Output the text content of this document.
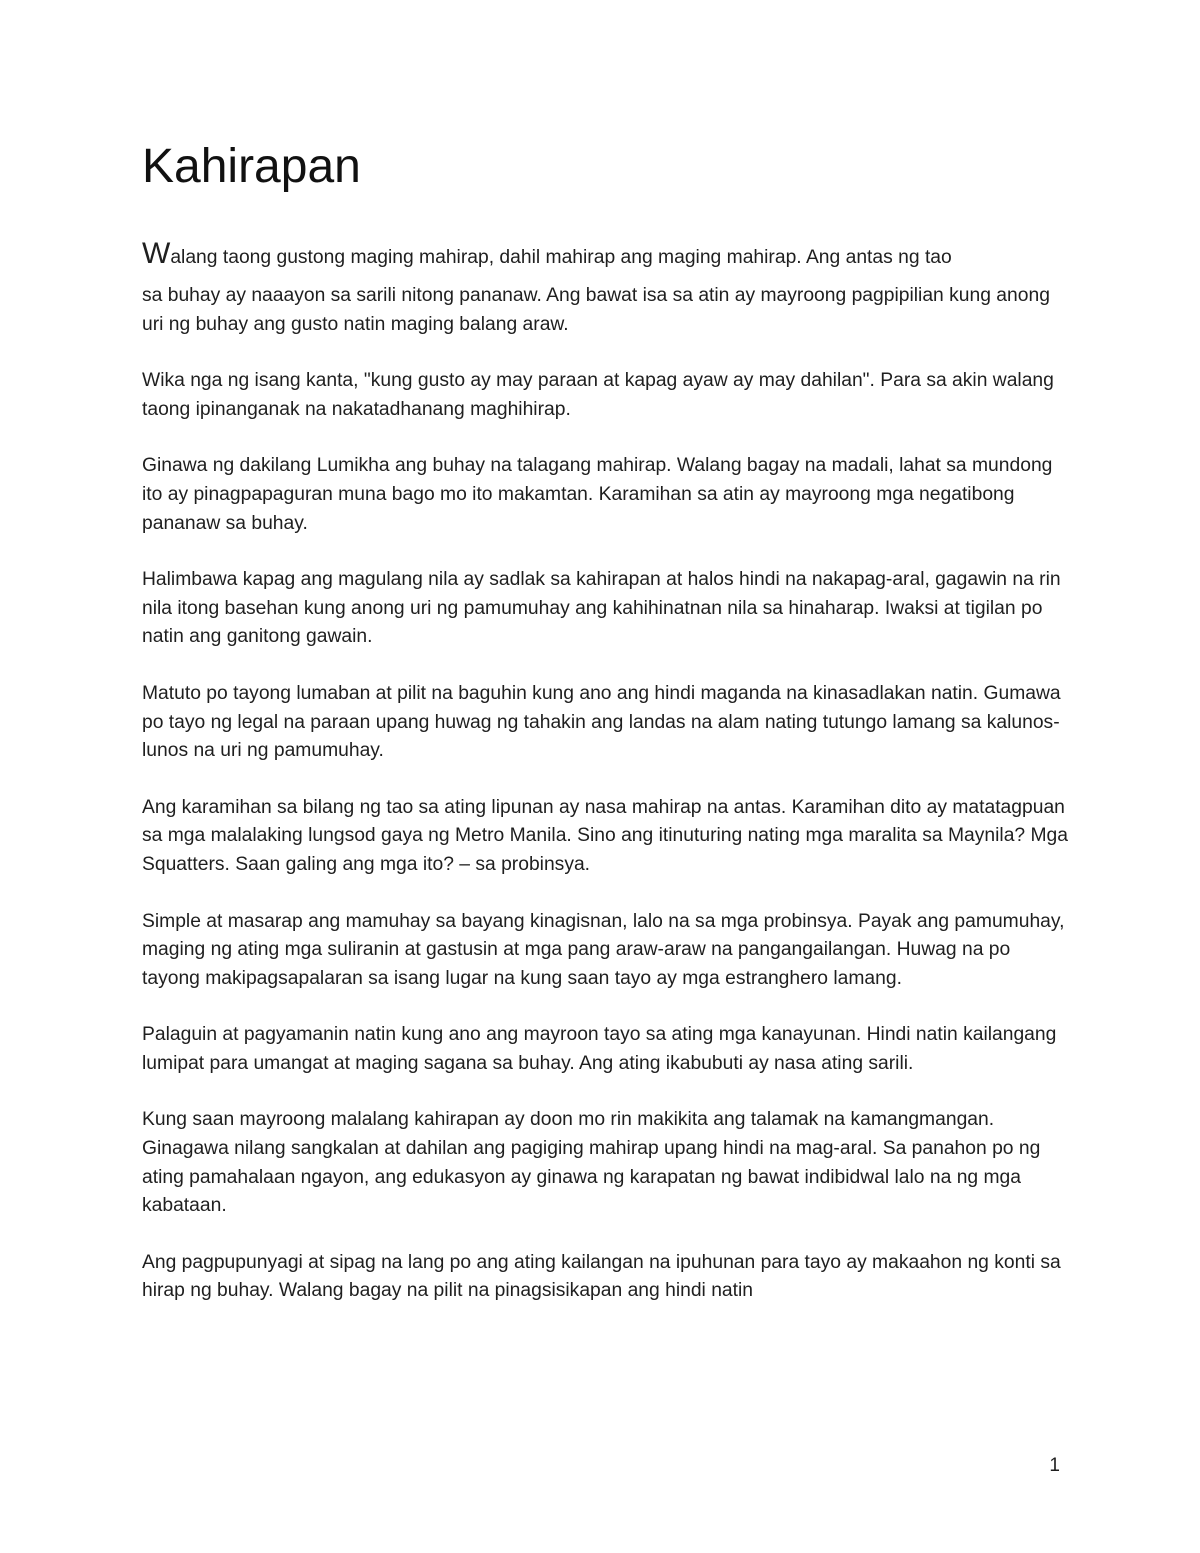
Kahirapan

Walang taong gustong maging mahirap, dahil mahirap ang maging mahirap. Ang antas ng tao
sa buhay ay naaayon sa sarili nitong pananaw. Ang bawat isa sa atin ay mayroong pagpipilian kung anong uri ng buhay ang gusto natin maging balang araw.

Wika nga ng isang kanta, "kung gusto ay may paraan at kapag ayaw ay may dahilan". Para sa akin walang taong ipinanganak na nakatadhanang maghihirap.

Ginawa ng dakilang Lumikha ang buhay na talagang mahirap. Walang bagay na madali, lahat sa mundong ito ay pinagpapaguran muna bago mo ito makamtan. Karamihan sa atin ay mayroong mga negatibong pananaw sa buhay.

Halimbawa kapag ang magulang nila ay sadlak sa kahirapan at halos hindi na nakapag-aral, gagawin na rin nila itong basehan kung anong uri ng pamumuhay ang kahihinatnan nila sa hinaharap. Iwaksi at tigilan po natin ang ganitong gawain.

Matuto po tayong lumaban at pilit na baguhin kung ano ang hindi maganda na kinasadlakan natin. Gumawa po tayo ng legal na paraan upang huwag ng tahakin ang landas na alam nating tutungo lamang sa kalunos-lunos na uri ng pamumuhay.

Ang karamihan sa bilang ng tao sa ating lipunan ay nasa mahirap na antas. Karamihan dito ay matatagpuan sa mga malalaking lungsod gaya ng Metro Manila. Sino ang itinuturing nating mga maralita sa Maynila? Mga Squatters. Saan galing ang mga ito? – sa probinsya.

Simple at masarap ang mamuhay sa bayang kinagisnan, lalo na sa mga probinsya. Payak ang pamumuhay, maging ng ating mga suliranin at gastusin at mga pang araw-araw na pangangailangan. Huwag na po tayong makipagsapalaran sa isang lugar na kung saan tayo ay mga estranghero lamang.

Palaguin at pagyamanin natin kung ano ang mayroon tayo sa ating mga kanayunan. Hindi natin kailangang lumipat para umangat at maging sagana sa buhay. Ang ating ikabubuti ay nasa ating sarili.

Kung saan mayroong malalang kahirapan ay doon mo rin makikita ang talamak na kamangmangan. Ginagawa nilang sangkalan at dahilan ang pagiging mahirap upang hindi na mag-aral. Sa panahon po ng ating pamahalaan ngayon, ang edukasyon ay ginawa ng karapatan ng bawat indibidwal lalo na ng mga kabataan.

Ang pagpupunyagi at sipag na lang po ang ating kailangan na ipuhunan para tayo ay makaahon ng konti sa hirap ng buhay. Walang bagay na pilit na pinagsisikapan ang hindi natin

1
